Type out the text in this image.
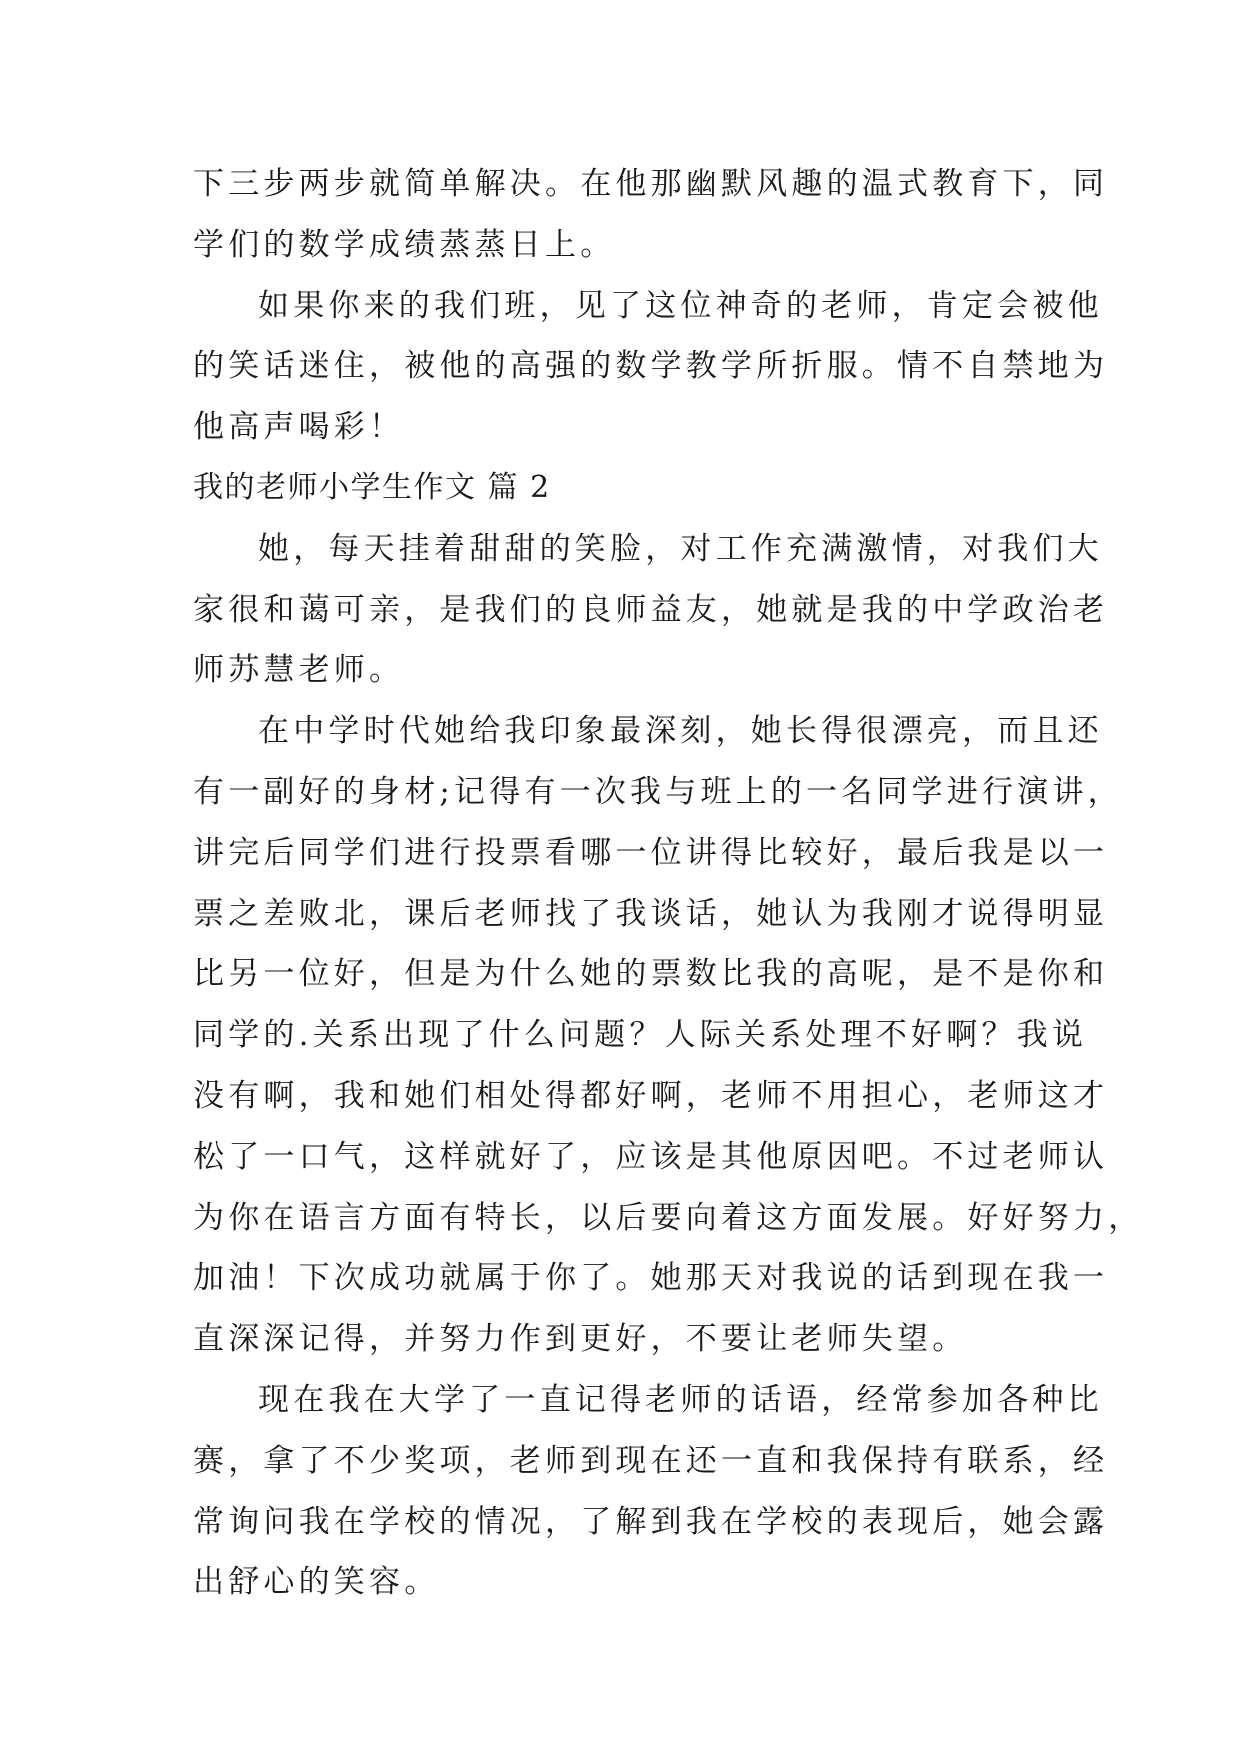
下三步两步就简单解决。在他那幽默风趣的温式教育下，同
学们的数学成绩蒸蒸日上。
如果你来的我们班，见了这位神奇的老师，肯定会被他
的笑话迷住，被他的高强的数学教学所折服。情不自禁地为
他高声喝彩！
我的老师小学生作文 篇 2
她，每天挂着甜甜的笑脸，对工作充满激情，对我们大
家很和蔼可亲，是我们的良师益友，她就是我的中学政治老
师苏慧老师。
在中学时代她给我印象最深刻，她长得很漂亮，而且还
有一副好的身材;记得有一次我与班上的一名同学进行演讲，
讲完后同学们进行投票看哪一位讲得比较好，最后我是以一
票之差败北，课后老师找了我谈话，她认为我刚才说得明显
比另一位好，但是为什么她的票数比我的高呢，是不是你和
同学的.关系出现了什么问题？人际关系处理不好啊？我说
没有啊，我和她们相处得都好啊，老师不用担心，老师这才
松了一口气，这样就好了，应该是其他原因吧。不过老师认
为你在语言方面有特长，以后要向着这方面发展。好好努力，
加油！下次成功就属于你了。她那天对我说的话到现在我一
直深深记得，并努力作到更好，不要让老师失望。
现在我在大学了一直记得老师的话语，经常参加各种比
赛，拿了不少奖项，老师到现在还一直和我保持有联系，经
常询问我在学校的情况，了解到我在学校的表现后，她会露
出舒心的笑容。
